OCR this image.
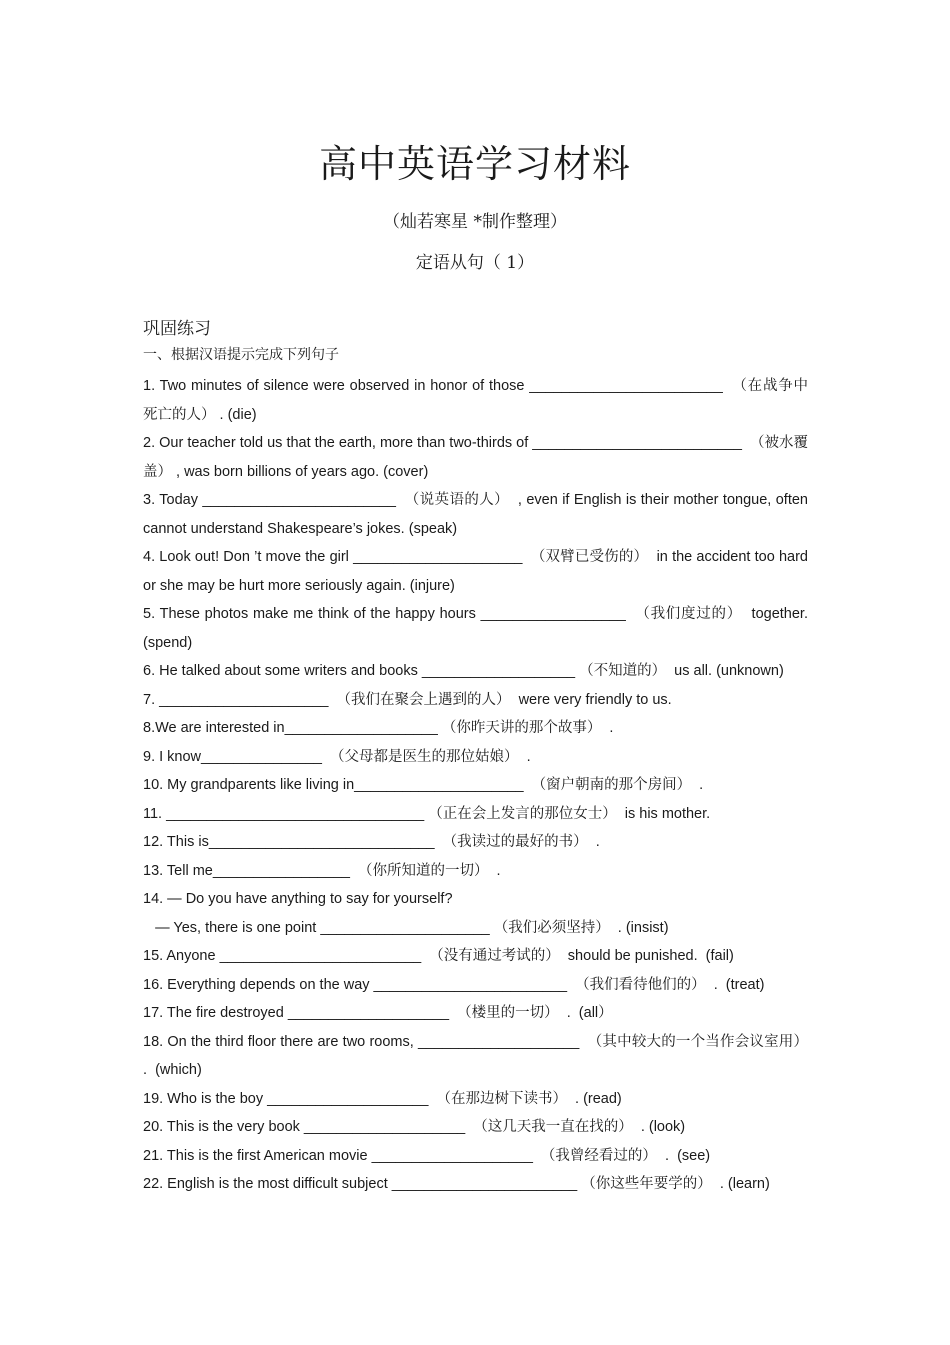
高中英语学习材料
（灿若寒星 *制作整理）
定语从句（ 1）
巩固练习
一、根据汉语提示完成下列句子

1. Two minutes of silence were observed in honor of those ________________________  （在战争中死亡的人） . (die)

2. Our teacher told us that the earth, more than two-thirds of __________________________  （被水覆盖） , was born billions of years ago. (cover)

3. Today ________________________  （说英语的人）  , even if English is their mother tongue, often cannot understand Shakespeare’s jokes. (speak)

4. Look out! Don ’t move the girl _____________________  （双臂已受伤的）  in the accident too hard or she may be hurt more seriously again. (injure)

5. These photos make me think of the happy hours __________________  （我们度过的）  together. (spend)

6. He talked about some writers and books ___________________ （不知道的）  us all. (unknown)

7. _____________________  （我们在聚会上遇到的人）  were very friendly to us.

8.We are interested in___________________ （你昨天讲的那个故事）  .

9. I know_______________  （父母都是医生的那位姑娘）  .

10. My grandparents like living in_____________________  （窗户朝南的那个房间）  .

11. ________________________________ （正在会上发言的那位女士）  is his mother.

12. This is____________________________  （我读过的最好的书）  .

13. Tell me_________________  （你所知道的一切）  .

14. — Do you have anything to say for yourself?

— Yes, there is one point _____________________ （我们必须坚持）  . (insist)

15. Anyone _________________________  （没有通过考试的）  should be punished.  (fail)

16. Everything depends on the way ________________________  （我们看待他们的）  .  (treat)

17. The fire destroyed ____________________  （楼里的一切）  .  (all）

18. On the third floor there are two rooms, ____________________  （其中较大的一个当作会议室用） .  (which)

19. Who is the boy ____________________  （在那边树下读书）  . (read)

20. This is the very book ____________________  （这几天我一直在找的）  . (look)

21. This is the first American movie ____________________  （我曾经看过的）  .  (see)

22. English is the most difficult subject _______________________ （你这些年要学的）  . (learn)
